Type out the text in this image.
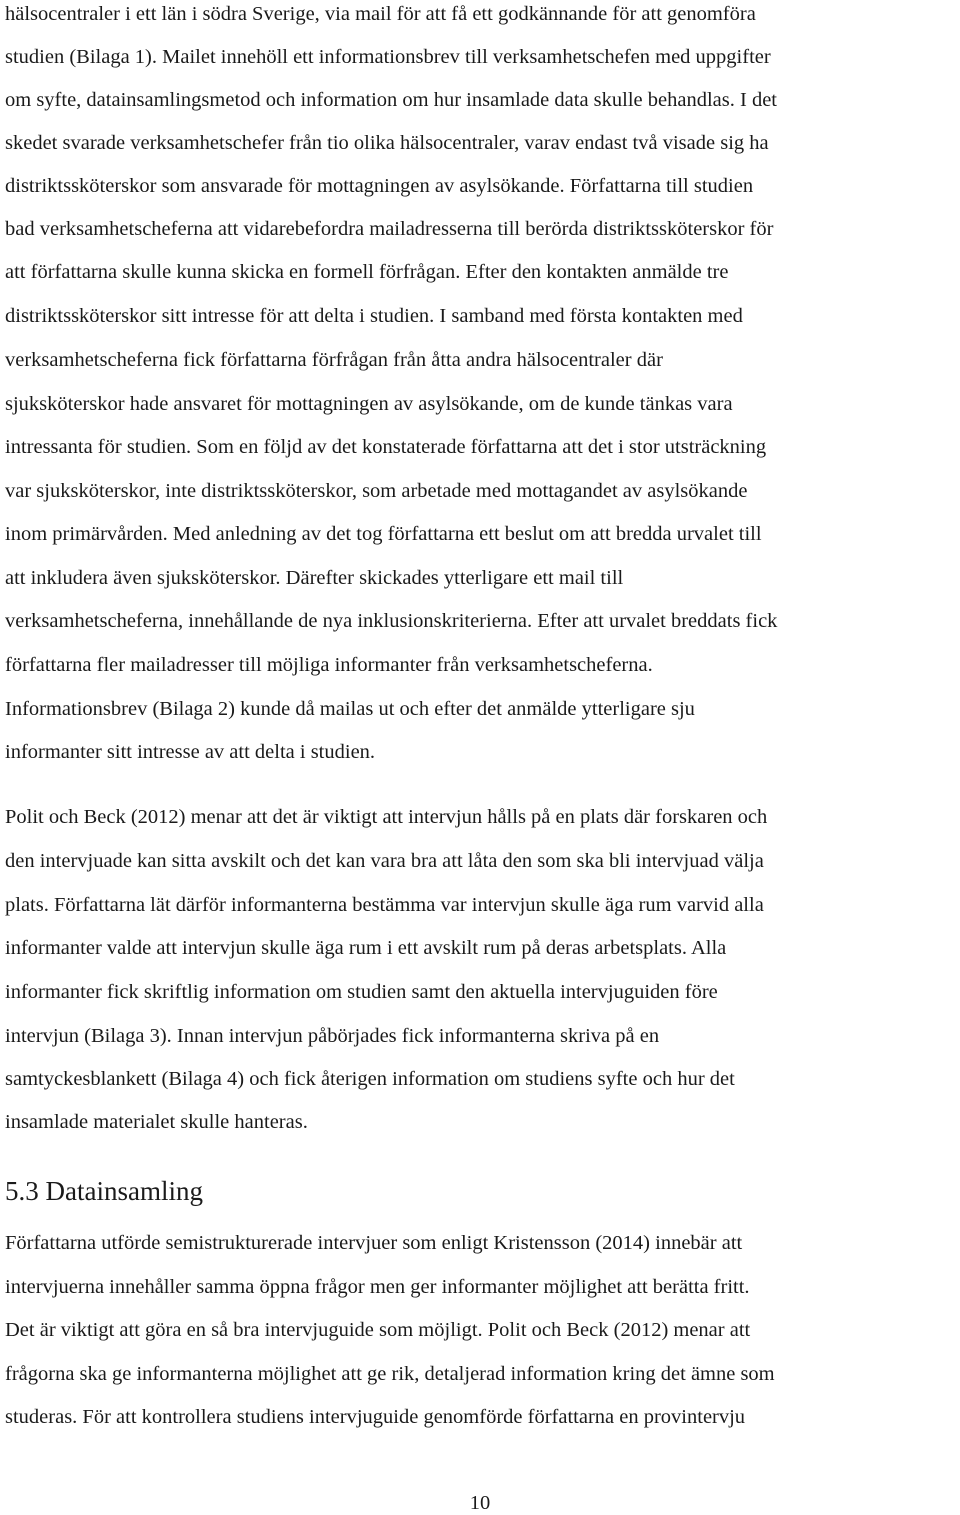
hälsocentraler i ett län i södra Sverige, via mail för att få ett godkännande för att genomföra
studien (Bilaga 1). Mailet innehöll ett informationsbrev till verksamhetschefen med uppgifter
om syfte, datainsamlingsmetod och information om hur insamlade data skulle behandlas. I det
skedet svarade verksamhetschefer från tio olika hälsocentraler, varav endast två visade sig ha
distriktssköterskor som ansvarade för mottagningen av asylsökande. Författarna till studien
bad verksamhetscheferna att vidarebefordra mailadresserna till berörda distriktssköterskor för
att författarna skulle kunna skicka en formell förfrågan. Efter den kontakten anmälde tre
distriktssköterskor sitt intresse för att delta i studien. I samband med första kontakten med
verksamhetscheferna fick författarna förfrågan från åtta andra hälsocentraler där
sjuksköterskor hade ansvaret för mottagningen av asylsökande, om de kunde tänkas vara
intressanta för studien. Som en följd av det konstaterade författarna att det i stor utsträckning
var sjuksköterskor, inte distriktssköterskor, som arbetade med mottagandet av asylsökande
inom primärvården. Med anledning av det tog författarna ett beslut om att bredda urvalet till
att inkludera även sjuksköterskor. Därefter skickades ytterligare ett mail till
verksamhetscheferna, innehållande de nya inklusionskriterierna. Efter att urvalet breddats fick
författarna fler mailadresser till möjliga informanter från verksamhetscheferna.
Informationsbrev (Bilaga 2) kunde då mailas ut och efter det anmälde ytterligare sju
informanter sitt intresse av att delta i studien.
Polit och Beck (2012) menar att det är viktigt att intervjun hålls på en plats där forskaren och
den intervjuade kan sitta avskilt och det kan vara bra att låta den som ska bli intervjuad välja
plats. Författarna lät därför informanterna bestämma var intervjun skulle äga rum varvid alla
informanter valde att intervjun skulle äga rum i ett avskilt rum på deras arbetsplats. Alla
informanter fick skriftlig information om studien samt den aktuella intervjuguiden före
intervjun (Bilaga 3). Innan intervjun påbörjades fick informanterna skriva på en
samtyckesblankett (Bilaga 4) och fick återigen information om studiens syfte och hur det
insamlade materialet skulle hanteras.
5.3 Datainsamling
Författarna utförde semistrukturerade intervjuer som enligt Kristensson (2014) innebär att
intervjuerna innehåller samma öppna frågor men ger informanter möjlighet att berätta fritt.
Det är viktigt att göra en så bra intervjuguide som möjligt. Polit och Beck (2012) menar att
frågorna ska ge informanterna möjlighet att ge rik, detaljerad information kring det ämne som
studeras. För att kontrollera studiens intervjuguide genomförde författarna en provintervju
10
